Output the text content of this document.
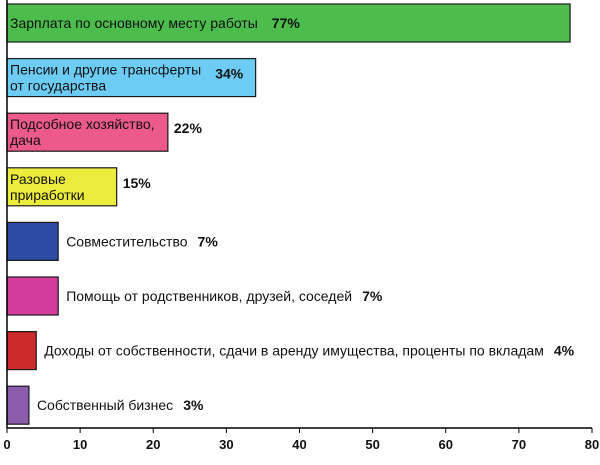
Зарплата по основному месту работы 77%
Пенсии и другие трансферты
от государства
34%
Подсобное хозяйство,
дача
22%
Разовые
приработки
15%
Совместительство 7%
Помощь от родственников, друзей, соседей 7%
Доходы от собственности, сдачи в аренду имущества, проценты по вкладам 4%
Собственный бизнес 3%
0	10	20	30	40	50	60	70	80
